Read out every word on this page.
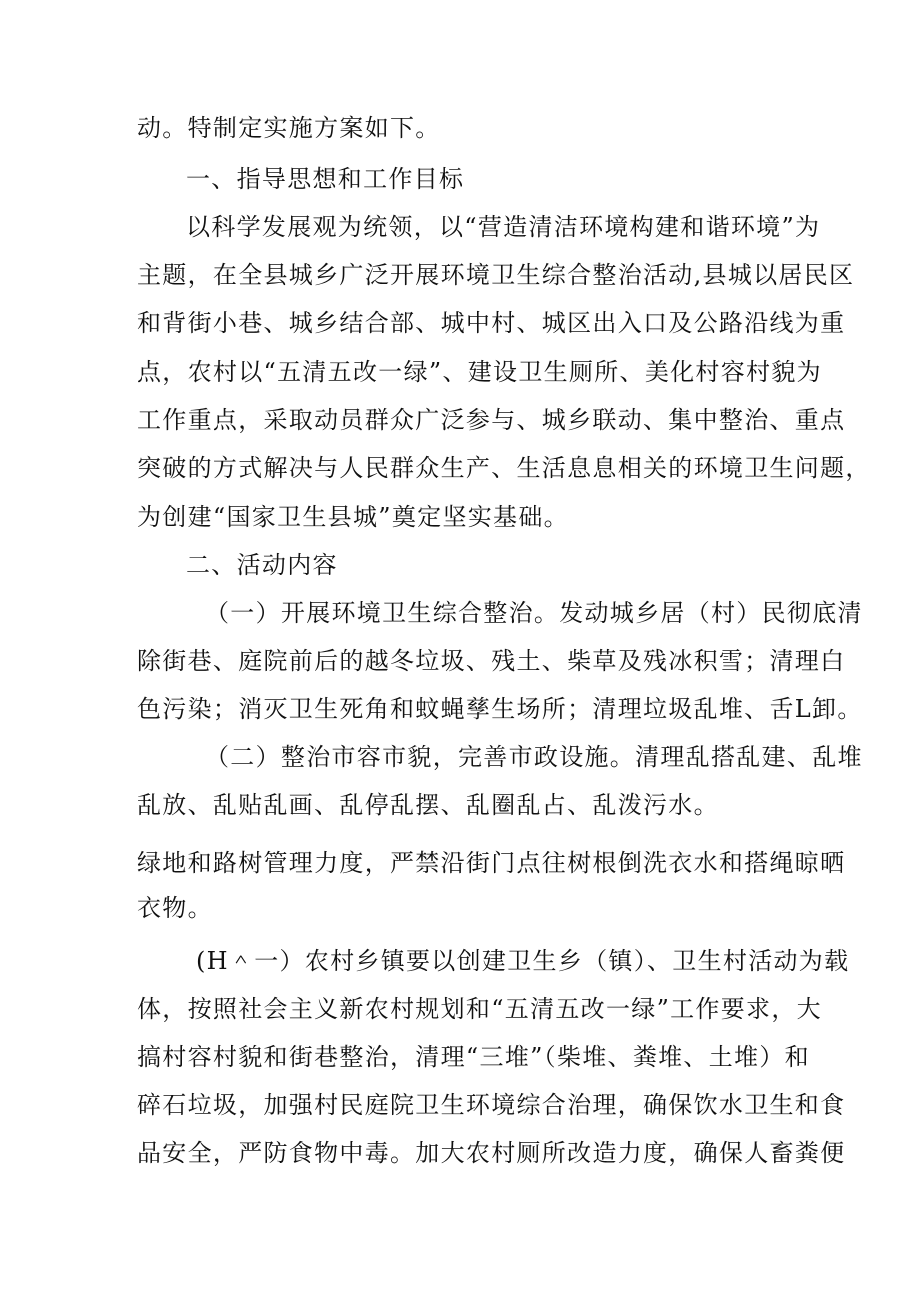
动。特制定实施方案如下。
一、指导思想和工作目标
以科学发展观为统领，以“营造清洁环境构建和谐环境”为
主题，在全县城乡广泛开展环境卫生综合整治活动,县城以居民区
和背街小巷、城乡结合部、城中村、城区出入口及公路沿线为重
点，农村以“五清五改一绿”、建设卫生厕所、美化村容村貌为
工作重点，采取动员群众广泛参与、城乡联动、集中整治、重点
突破的方式解决与人民群众生产、生活息息相关的环境卫生问题，
为创建“国家卫生县城”奠定坚实基础。
二、活动内容
（一）开展环境卫生综合整治。发动城乡居（村）民彻底清
除街巷、庭院前后的越冬垃圾、残土、柴草及残冰积雪；清理白
色污染；消灭卫生死角和蚊蝇孳生场所；清理垃圾乱堆、舌L卸。
（二）整治市容市貌，完善市政设施。清理乱搭乱建、乱堆
乱放、乱贴乱画、乱停乱摆、乱圈乱占、乱泼污水。
绿地和路树管理力度，严禁沿街门点往树根倒洗衣水和搭绳晾晒
衣物。
(H＾一）农村乡镇要以创建卫生乡（镇）、卫生村活动为载
体，按照社会主义新农村规划和“五清五改一绿”工作要求，大
搞村容村貌和街巷整治，清理“三堆”（柴堆、粪堆、土堆）和
碎石垃圾，加强村民庭院卫生环境综合治理，确保饮水卫生和食
品安全，严防食物中毒。加大农村厕所改造力度，确保人畜粪便
